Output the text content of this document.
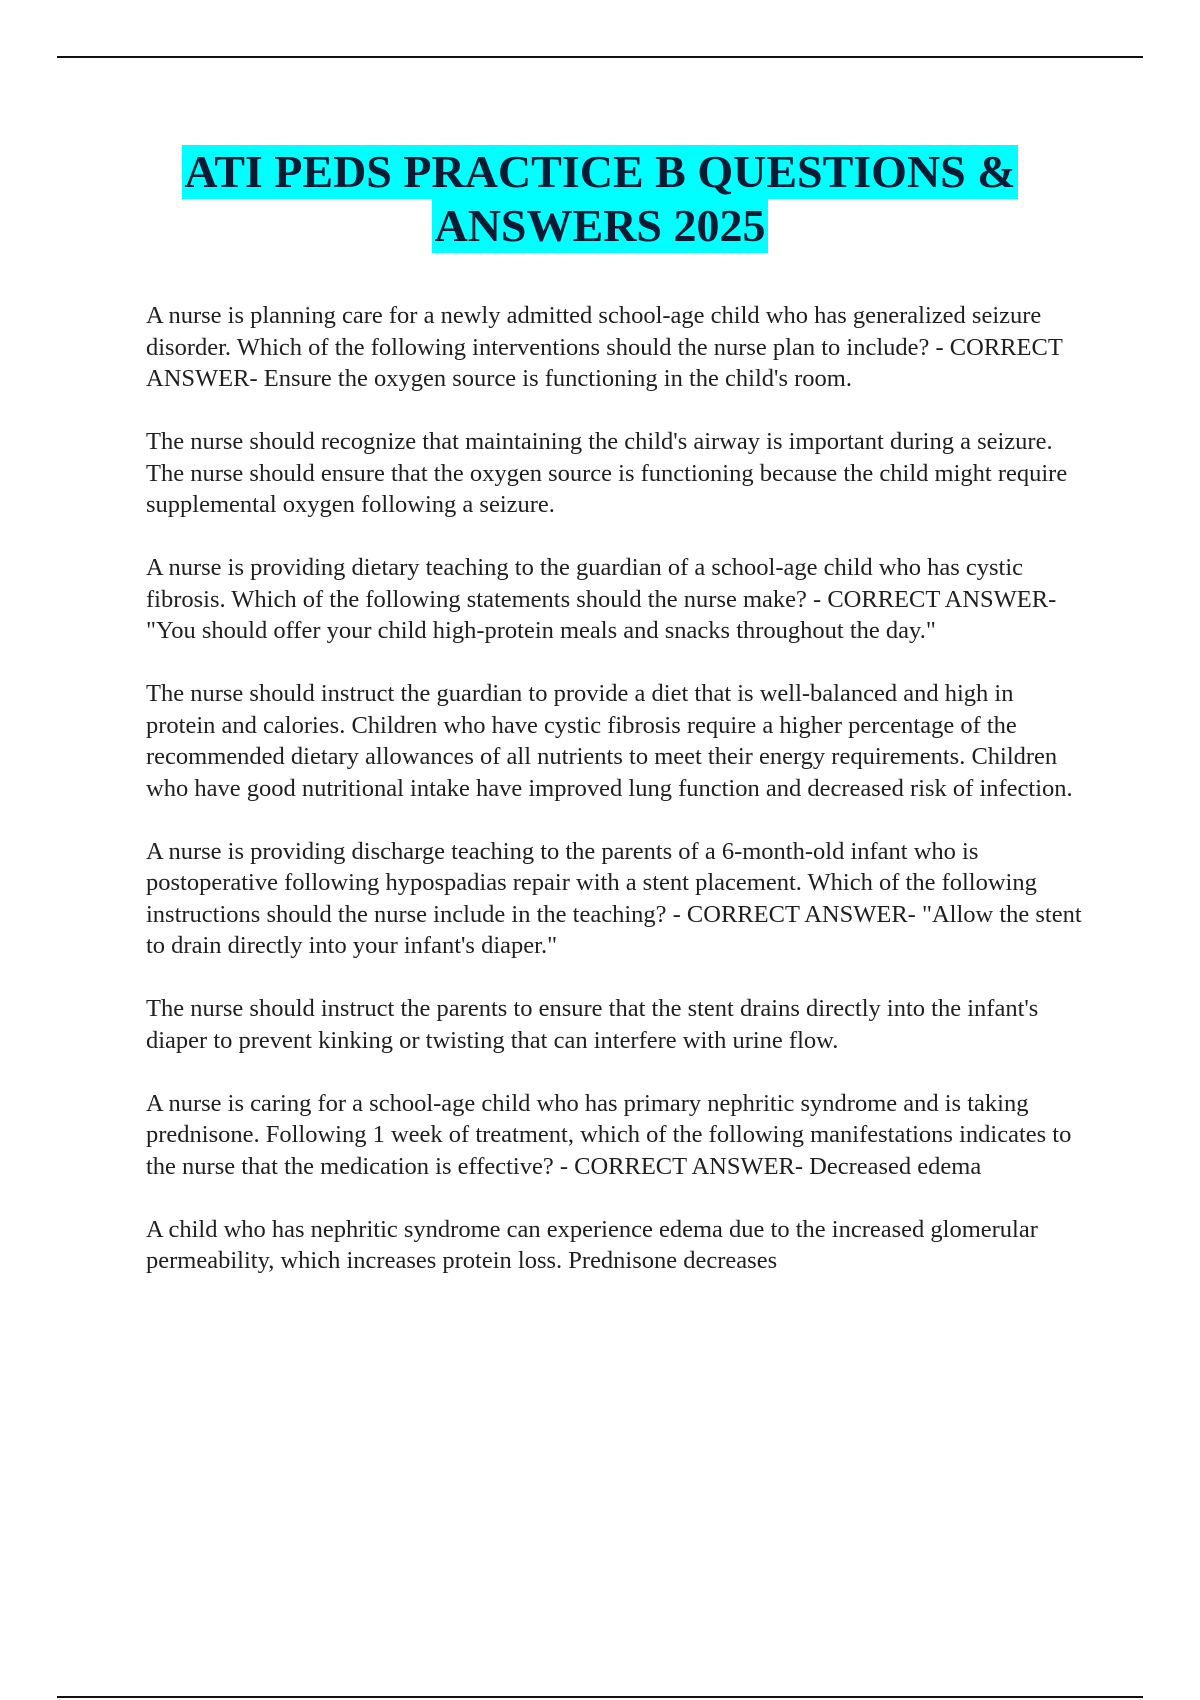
ATI PEDS PRACTICE B QUESTIONS &
ANSWERS 2025

A nurse is planning care for a newly admitted school-age child who has generalized seizure disorder. Which of the following interventions should the nurse plan to include? - CORRECT ANSWER- Ensure the oxygen source is functioning in the child's room.

The nurse should recognize that maintaining the child's airway is important during a seizure. The nurse should ensure that the oxygen source is functioning because the child might require supplemental oxygen following a seizure.

A nurse is providing dietary teaching to the guardian of a school-age child who has cystic fibrosis. Which of the following statements should the nurse make? - CORRECT ANSWER- "You should offer your child high-protein meals and snacks throughout the day."

The nurse should instruct the guardian to provide a diet that is well-balanced and high in protein and calories. Children who have cystic fibrosis require a higher percentage of the recommended dietary allowances of all nutrients to meet their energy requirements. Children who have good nutritional intake have improved lung function and decreased risk of infection.

A nurse is providing discharge teaching to the parents of a 6-month-old infant who is postoperative following hypospadias repair with a stent placement. Which of the following instructions should the nurse include in the teaching? - CORRECT ANSWER- "Allow the stent to drain directly into your infant's diaper."

The nurse should instruct the parents to ensure that the stent drains directly into the infant's diaper to prevent kinking or twisting that can interfere with urine flow.

A nurse is caring for a school-age child who has primary nephritic syndrome and is taking prednisone. Following 1 week of treatment, which of the following manifestations indicates to the nurse that the medication is effective? - CORRECT ANSWER- Decreased edema

A child who has nephritic syndrome can experience edema due to the increased glomerular permeability, which increases protein loss. Prednisone decreases
